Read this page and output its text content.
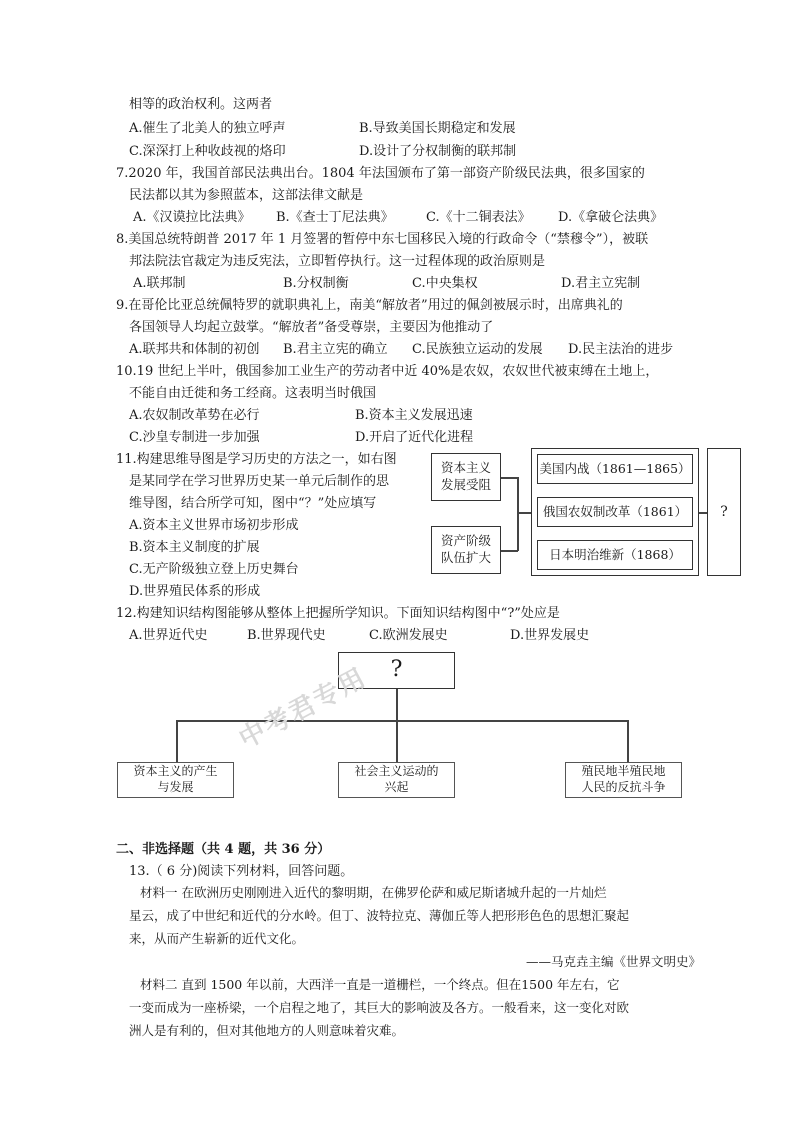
相等的政治权利。这两者
A.催生了北美人的独立呼声	B.导致美国长期稳定和发展
C.深深打上种收歧视的烙印	D.设计了分权制衡的联邦制
7.2020 年，我国首部民法典出台。1804 年法国颁布了第一部资产阶级民法典，很多国家的
民法都以其为参照蓝本，这部法律文献是
A.《汉谟拉比法典》 B.《查士丁尼法典》 C.《十二铜表法》 D.《拿破仑法典》
8.美国总统特朗普 2017 年 1 月签署的暂停中东七国移民入境的行政命令（“禁穆令”），被联
邦法院法官裁定为违反宪法，立即暂停执行。这一过程体现的政治原则是
A.联邦制	B.分权制衡	C.中央集权	D.君主立宪制
9.在哥伦比亚总统佩特罗的就职典礼上，南美“解放者”用过的佩剑被展示时，出席典礼的
各国领导人均起立鼓掌。“解放者”备受尊崇，主要因为他推动了
A.联邦共和体制的初创 B.君主立宪的确立 C.民族独立运动的发展 D.民主法治的进步
10.19 世纪上半叶，俄国参加工业生产的劳动者中近 40%是农奴，农奴世代被束缚在土地上，
不能自由迁徙和务工经商。这表明当时俄国
A.农奴制改革势在必行	B.资本主义发展迅速
C.沙皇专制进一步加强	D.开启了近代化进程
11.构建思维导图是学习历史的方法之一，如右图
是某同学在学习世界历史某一单元后制作的思
维导图，结合所学可知，图中“？”处应填写
A.资本主义世界市场初步形成
B.资本主义制度的扩展
C.无产阶级独立登上历史舞台
D.世界殖民体系的形成
资本主义
发展受阻
资产阶级
队伍扩大
美国内战（1861—1865）
俄国农奴制改革（1861）
日本明治维新（1868）
?
12.构建知识结构图能够从整体上把握所学知识。下面知识结构图中“?”处应是
A.世界近代史	B.世界现代史	C.欧洲发展史	D.世界发展史
?
资本主义的产生
与发展
社会主义运动的
兴起
殖民地半殖民地
人民的反抗斗争
中考君专用
二、非选择题（共 4 题，共 36 分）
13.（ 6 分)阅读下列材料，回答问题。
材料一 在欧洲历史刚刚进入近代的黎明期，在佛罗伦萨和威尼斯诸城升起的一片灿烂
星云，成了中世纪和近代的分水岭。但丁、波特拉克、薄伽丘等人把形形色色的思想汇聚起
来，从而产生崭新的近代文化。
——马克垚主编《世界文明史》
材料二 直到 1500 年以前，大西洋一直是一道栅栏，一个终点。但在1500 年左右，它
一变而成为一座桥梁，一个启程之地了，其巨大的影响波及各方。一般看来，这一变化对欧
洲人是有利的，但对其他地方的人则意味着灾难。
